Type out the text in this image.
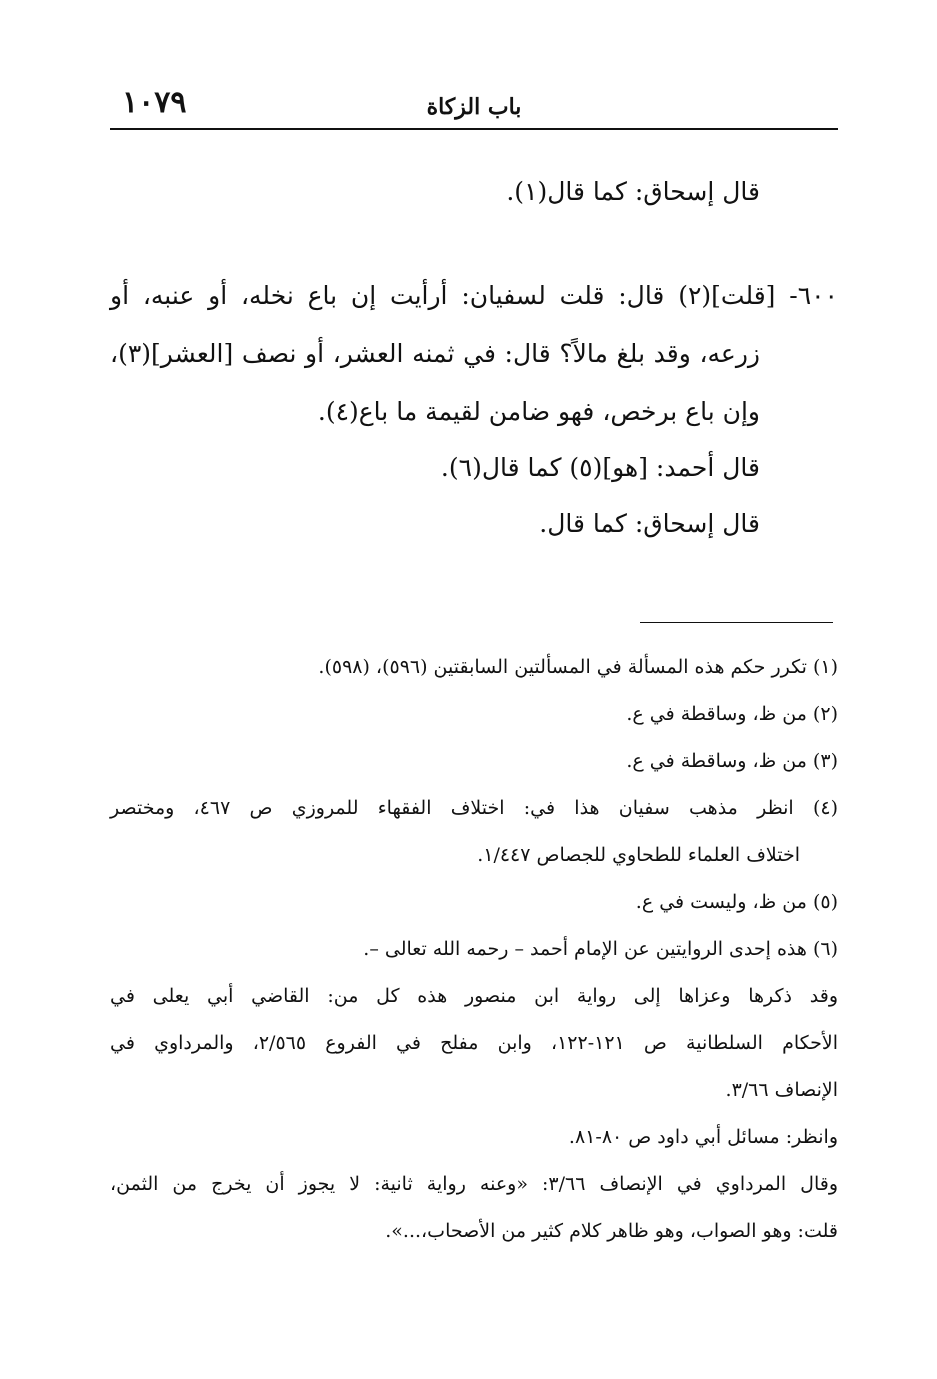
١٠٧٩	باب الزكاة
قال إسحاق: كما قال(١).
٦٠٠- [قلت](٢) قال: قلت لسفيان: أرأيت إن باع نخله، أو عنبه، أو
زرعه، وقد بلغ مالاً؟ قال: في ثمنه العشر، أو نصف [العشر](٣)،
وإن باع برخص، فهو ضامن لقيمة ما باع(٤).
قال أحمد: [هو](٥) كما قال(٦).
قال إسحاق: كما قال.
(١) تكرر حكم هذه المسألة في المسألتين السابقتين (٥٩٦)، (٥٩٨).
(٢) من ظ، وساقطة في ع.
(٣) من ظ، وساقطة في ع.
(٤) انظر مذهب سفيان هذا في: اختلاف الفقهاء للمروزي ص ٤٦٧، ومختصر
اختلاف العلماء للطحاوي للجصاص ١/٤٤٧.
(٥) من ظ، وليست في ع.
(٦) هذه إحدى الروايتين عن الإمام أحمد – رحمه الله تعالى –.
وقد ذكرها وعزاها إلى رواية ابن منصور هذه كل من: القاضي أبي يعلى في
الأحكام السلطانية ص ١٢١-١٢٢، وابن مفلح في الفروع ٢/٥٦٥، والمرداوي في
الإنصاف ٣/٦٦.
وانظر: مسائل أبي داود ص ٨٠-٨١.
وقال المرداوي في الإنصاف ٣/٦٦: «وعنه رواية ثانية: لا يجوز أن يخرج من الثمن،
قلت: وهو الصواب، وهو ظاهر كلام كثير من الأصحاب،...».
